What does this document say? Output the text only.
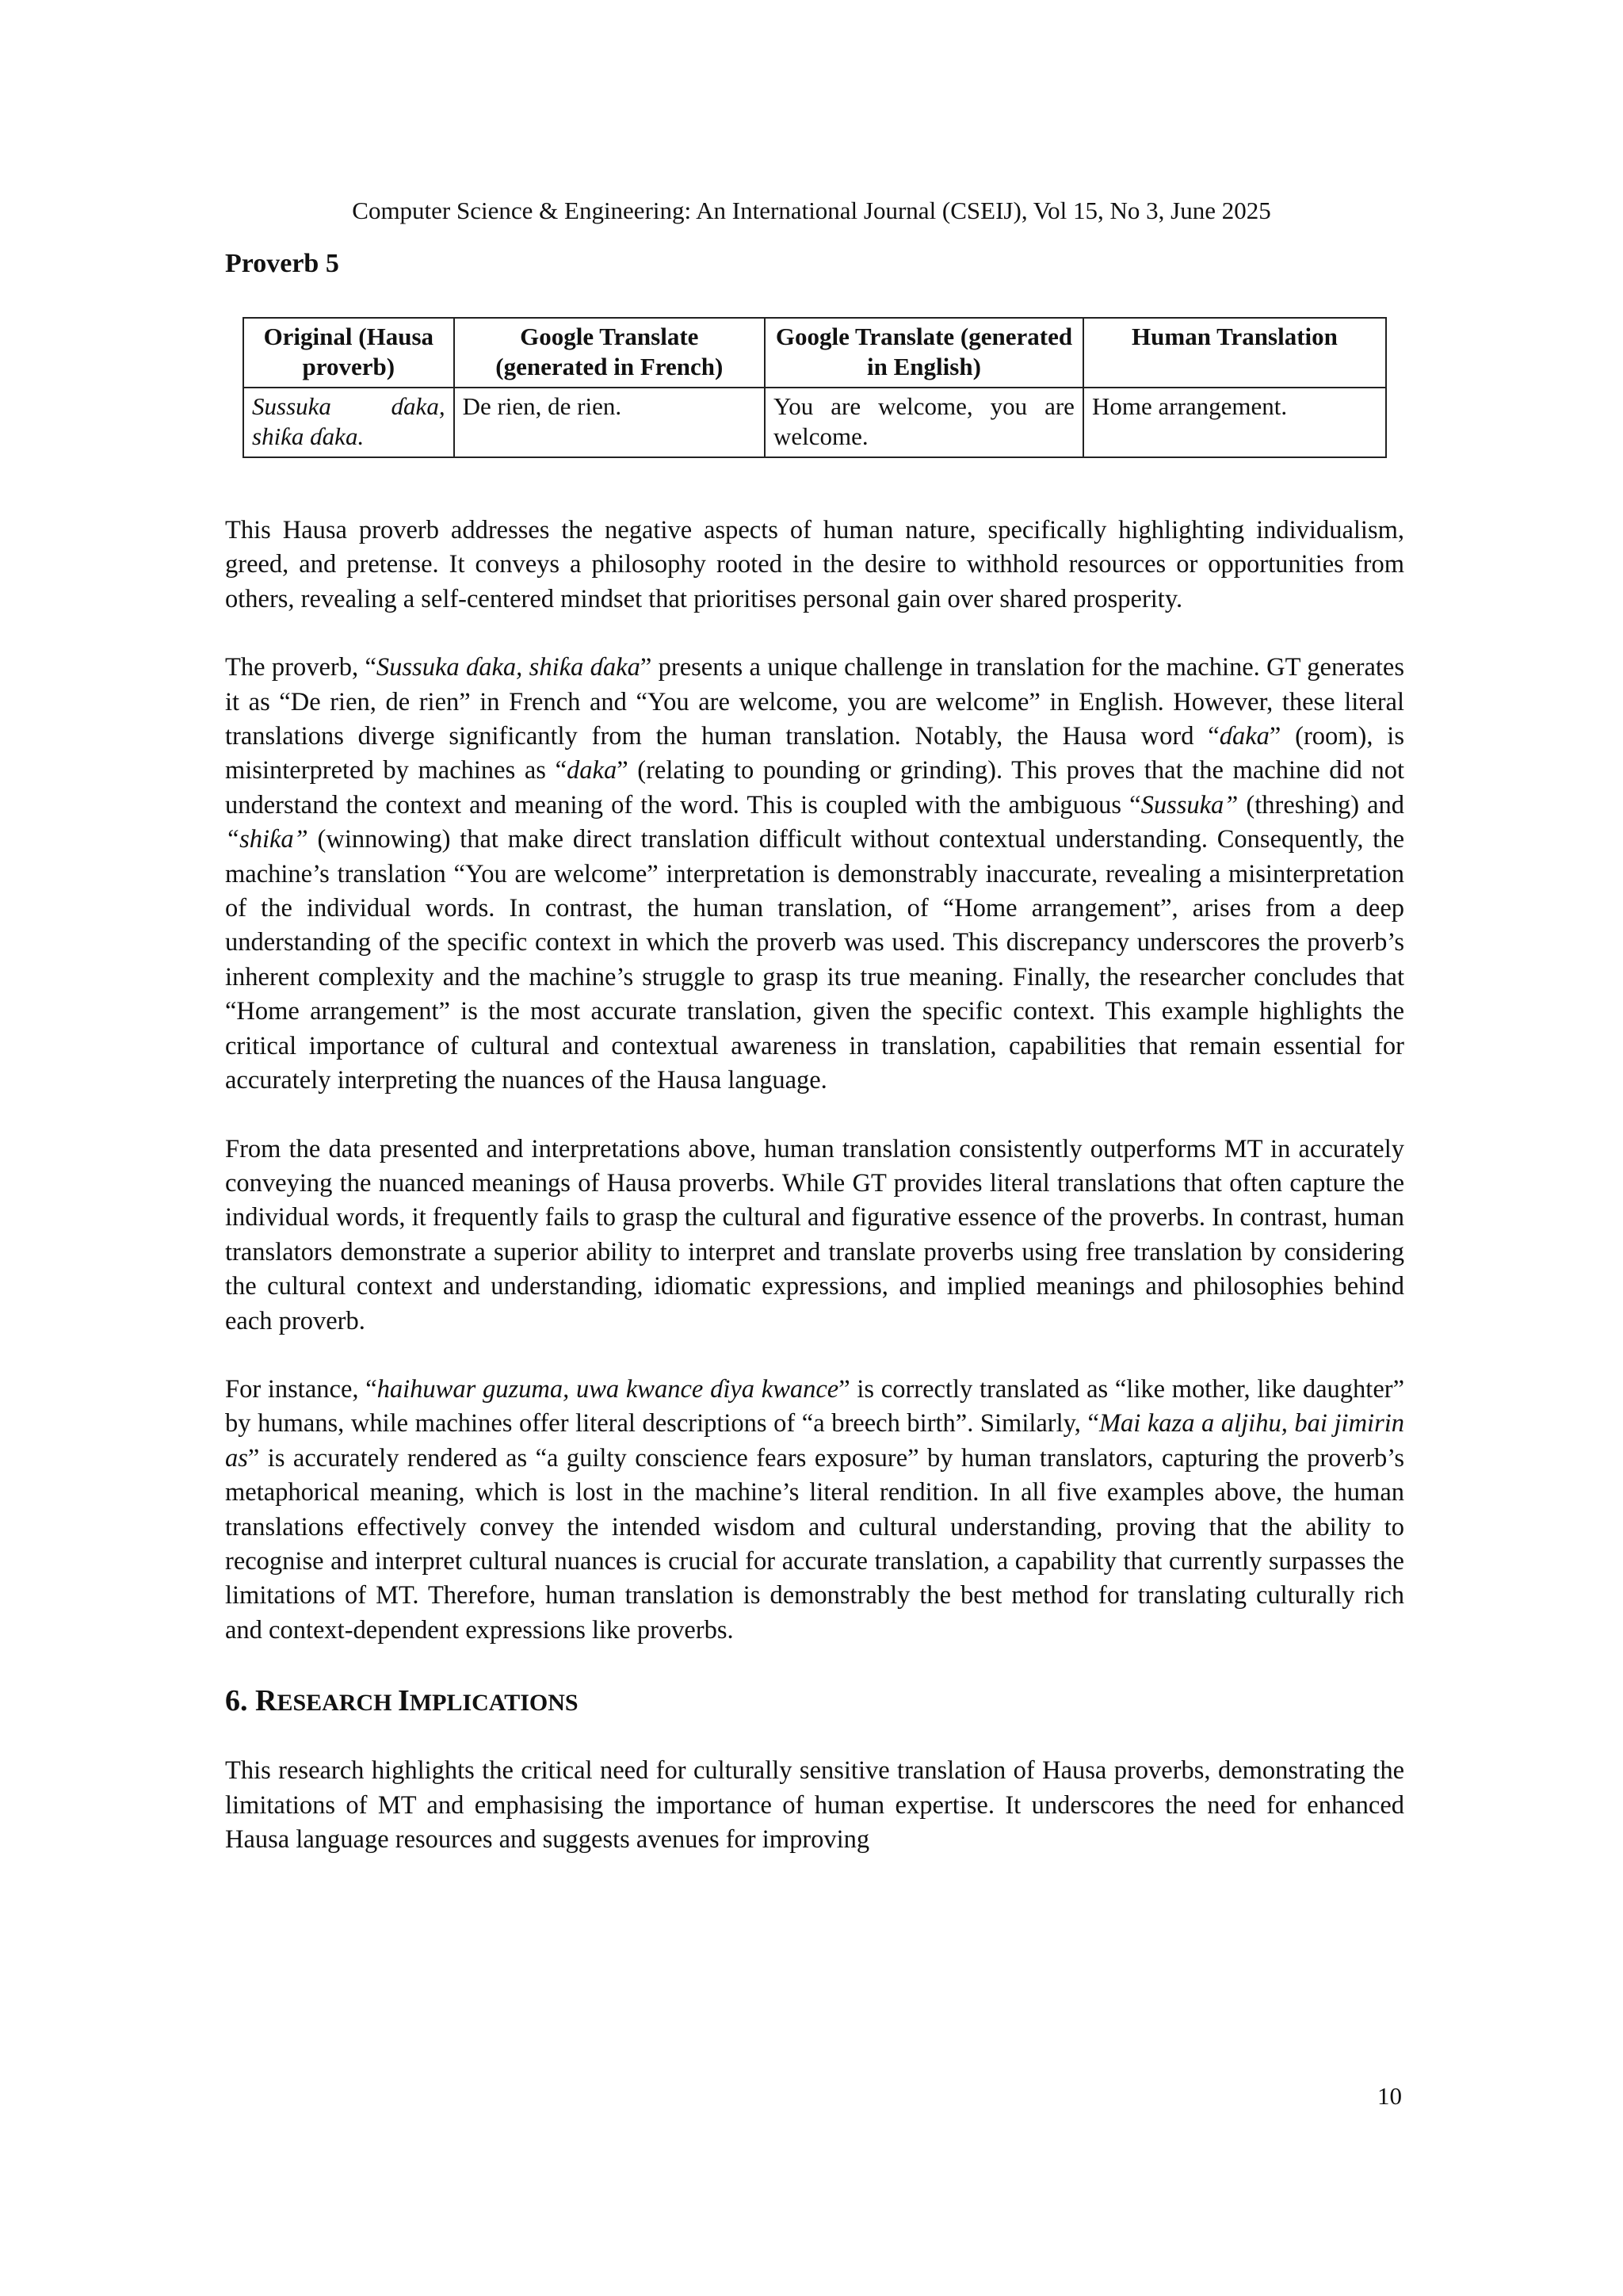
Computer Science & Engineering: An International Journal (CSEIJ), Vol 15, No 3, June 2025
Proverb 5
Original (Hausa proverb)	Google Translate (generated in French)	Google Translate (generated in English)	Human Translation
Sussuka ɗaka, shiƙa ɗaka.	De rien, de rien.	You are welcome, you are welcome.	Home arrangement.

This Hausa proverb addresses the negative aspects of human nature, specifically highlighting individualism, greed, and pretense. It conveys a philosophy rooted in the desire to withhold resources or opportunities from others, revealing a self-centered mindset that prioritises personal gain over shared prosperity.

The proverb, “Sussuka ɗaka, shiƙa ɗaka” presents a unique challenge in translation for the machine. GT generates it as “De rien, de rien” in French and “You are welcome, you are welcome” in English. However, these literal translations diverge significantly from the human translation. Notably, the Hausa word “ɗaka” (room), is misinterpreted by machines as “daka” (relating to pounding or grinding). This proves that the machine did not understand the context and meaning of the word. This is coupled with the ambiguous “Sussuka” (threshing) and “shiƙa” (winnowing) that make direct translation difficult without contextual understanding. Consequently, the machine’s translation “You are welcome” interpretation is demonstrably inaccurate, revealing a misinterpretation of the individual words. In contrast, the human translation, of “Home arrangement”, arises from a deep understanding of the specific context in which the proverb was used. This discrepancy underscores the proverb’s inherent complexity and the machine’s struggle to grasp its true meaning. Finally, the researcher concludes that “Home arrangement” is the most accurate translation, given the specific context. This example highlights the critical importance of cultural and contextual awareness in translation, capabilities that remain essential for accurately interpreting the nuances of the Hausa language.

From the data presented and interpretations above, human translation consistently outperforms MT in accurately conveying the nuanced meanings of Hausa proverbs. While GT provides literal translations that often capture the individual words, it frequently fails to grasp the cultural and figurative essence of the proverbs. In contrast, human translators demonstrate a superior ability to interpret and translate proverbs using free translation by considering the cultural context and understanding, idiomatic expressions, and implied meanings and philosophies behind each proverb.

For instance, “haihuwar guzuma, uwa kwance ɗiya kwance” is correctly translated as “like mother, like daughter” by humans, while machines offer literal descriptions of “a breech birth”. Similarly, “Mai kaza a aljihu, bai jimirin as” is accurately rendered as “a guilty conscience fears exposure” by human translators, capturing the proverb’s metaphorical meaning, which is lost in the machine’s literal rendition. In all five examples above, the human translations effectively convey the intended wisdom and cultural understanding, proving that the ability to recognise and interpret cultural nuances is crucial for accurate translation, a capability that currently surpasses the limitations of MT. Therefore, human translation is demonstrably the best method for translating culturally rich and context-dependent expressions like proverbs.

6. RESEARCH IMPLICATIONS

This research highlights the critical need for culturally sensitive translation of Hausa proverbs, demonstrating the limitations of MT and emphasising the importance of human expertise. It underscores the need for enhanced Hausa language resources and suggests avenues for improving

10
